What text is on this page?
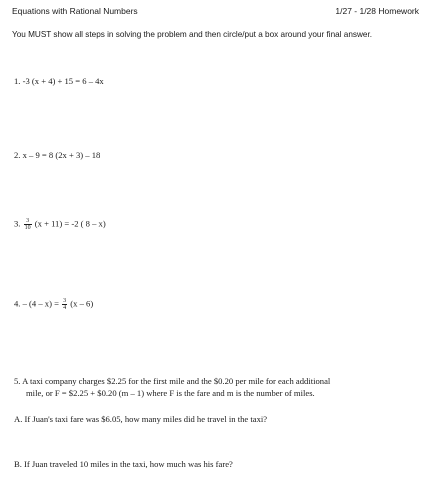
Equations with Rational Numbers	1/27 - 1/28 Homework
You MUST show all steps in solving the problem and then circle/put a box around your final answer.
1. -3 (x + 4) + 15 = 6 – 4x
2. x – 9 = 8 (2x + 3) – 18
3. $\frac{3}{10} (x + 11) = -2$ ( 8 – x)
4. – $(4 - x) = \frac{3}{4} (x - 6)$
5. A taxi company charges $2.25 for the first mile and the $0.20 per mile for each additional
mile, or F = $2.25 + $0.20 (m – 1) where F is the fare and m is the number of miles.
A. If Juan's taxi fare was $6.05, how many miles did he travel in the taxi?
B. If Juan traveled 10 miles in the taxi, how much was his fare?
